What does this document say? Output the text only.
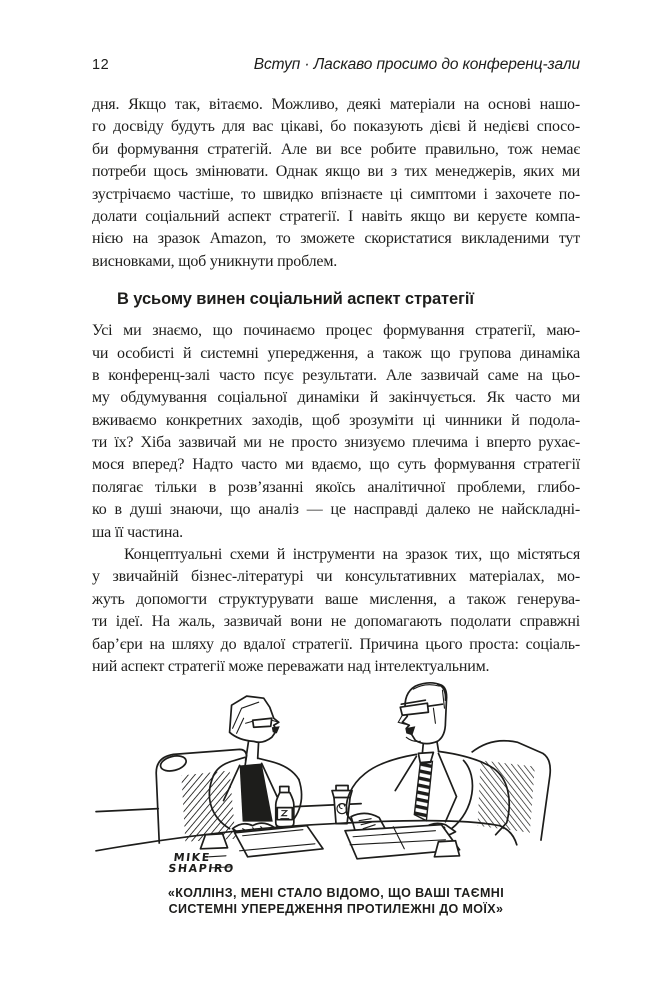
12	Вступ · Ласкаво просимо до конференц-зали
дня. Якщо так, вітаємо. Можливо, деякі матеріали на основі нашо-
го досвіду будуть для вас цікаві, бо показують дієві й недієві спосо-
би формування стратегій. Але ви все робите правильно, тож немає
потреби щось змінювати. Однак якщо ви з тих менеджерів, яких ми
зустрічаємо частіше, то швидко впізнаєте ці симптоми і захочете по-
долати соціальний аспект стратегії. І навіть якщо ви керуєте компа-
нією на зразок Amazon, то зможете скористатися викладеними тут
висновками, щоб уникнути проблем.
В усьому винен соціальний аспект стратегії
Усі ми знаємо, що починаємо процес формування стратегії, маю-
чи особисті й системні упередження, а також що групова динаміка
в конференц-залі часто псує результати. Але зазвичай саме на цьо-
му обдумування соціальної динаміки й закінчується. Як часто ми
вживаємо конкретних заходів, щоб зрозуміти ці чинники й подола-
ти їх? Хіба зазвичай ми не просто знизуємо плечима і вперто рухає-
мося вперед? Надто часто ми вдаємо, що суть формування стратегії
полягає тільки в розв’язанні якоїсь аналітичної проблеми, глибо-
ко в душі знаючи, що аналіз — це насправді далеко не найскладні-
ша її частина.
Концептуальні схеми й інструменти на зразок тих, що містяться
у звичайній бізнес-літературі чи консультативних матеріалах, мо-
жуть допомогти структурувати ваше мислення, а також генерува-
ти ідеї. На жаль, зазвичай вони не допомагають подолати справжні
бар’єри на шляху до вдалої стратегії. Причина цього проста: соціаль-
ний аспект стратегії може переважати над інтелектуальним.
MIKE
SHAPIRO
«КОЛЛІНЗ, МЕНІ СТАЛО ВІДОМО, ЩО ВАШІ ТАЄМНІ
СИСТЕМНІ УПЕРЕДЖЕННЯ ПРОТИЛЕЖНІ ДО МОЇХ»
